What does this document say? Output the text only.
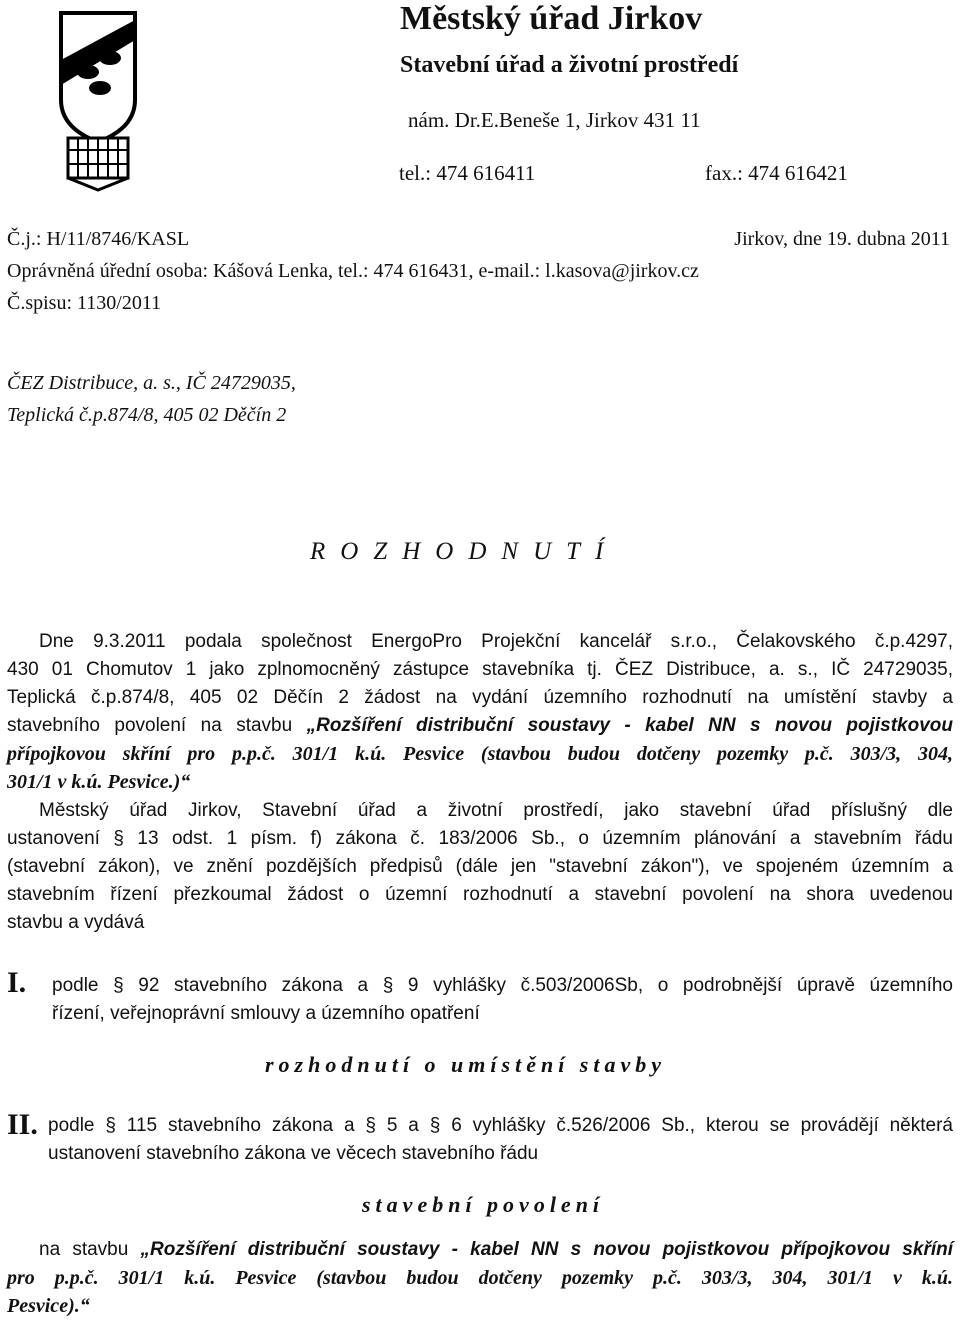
Městský úřad Jirkov
Stavební úřad a životní prostředí
nám. Dr.E.Beneše 1, Jirkov 431 11
tel.: 474 616411	fax.: 474 616421
Č.j.: H/11/8746/KASL	Jirkov, dne 19. dubna 2011
Oprávněná úřední osoba: Kášová Lenka, tel.: 474 616431, e-mail.: l.kasova@jirkov.cz
Č.spisu: 1130/2011
ČEZ Distribuce, a. s., IČ 24729035,
Teplická č.p.874/8, 405 02 Děčín 2
ROZHODNUTÍ
Dne 9.3.2011 podala společnost EnergoPro Projekční kancelář s.r.o., Čelakovského č.p.4297,
430 01 Chomutov 1 jako zplnomocněný zástupce stavebníka tj. ČEZ Distribuce, a. s., IČ 24729035,
Teplická č.p.874/8, 405 02 Děčín 2 žádost na vydání územního rozhodnutí na umístění stavby a
stavebního povolení na stavbu „Rozšíření distribuční soustavy - kabel NN s novou pojistkovou
přípojkovou skříní pro p.p.č. 301/1 k.ú. Pesvice (stavbou budou dotčeny pozemky p.č. 303/3, 304,
301/1 v k.ú. Pesvice.)“
Městský úřad Jirkov, Stavební úřad a životní prostředí, jako stavební úřad příslušný dle
ustanovení § 13 odst. 1 písm. f) zákona č. 183/2006 Sb., o územním plánování a stavebním řádu
(stavební zákon), ve znění pozdějších předpisů (dále jen "stavební zákon"), ve spojeném územním a
stavebním řízení přezkoumal žádost o územní rozhodnutí a stavební povolení na shora uvedenou
stavbu a vydává
I. podle § 92 stavebního zákona a § 9 vyhlášky č.503/2006Sb, o podrobnější úpravě územního
řízení, veřejnoprávní smlouvy a územního opatření
rozhodnutí o umístění stavby
II. podle § 115 stavebního zákona a § 5 a § 6 vyhlášky č.526/2006 Sb., kterou se provádějí některá
ustanovení stavebního zákona ve věcech stavebního řádu
stavební povolení
na stavbu „Rozšíření distribuční soustavy - kabel NN s novou pojistkovou přípojkovou skříní
pro p.p.č. 301/1 k.ú. Pesvice (stavbou budou dotčeny pozemky p.č. 303/3, 304, 301/1 v k.ú.
Pesvice).“
